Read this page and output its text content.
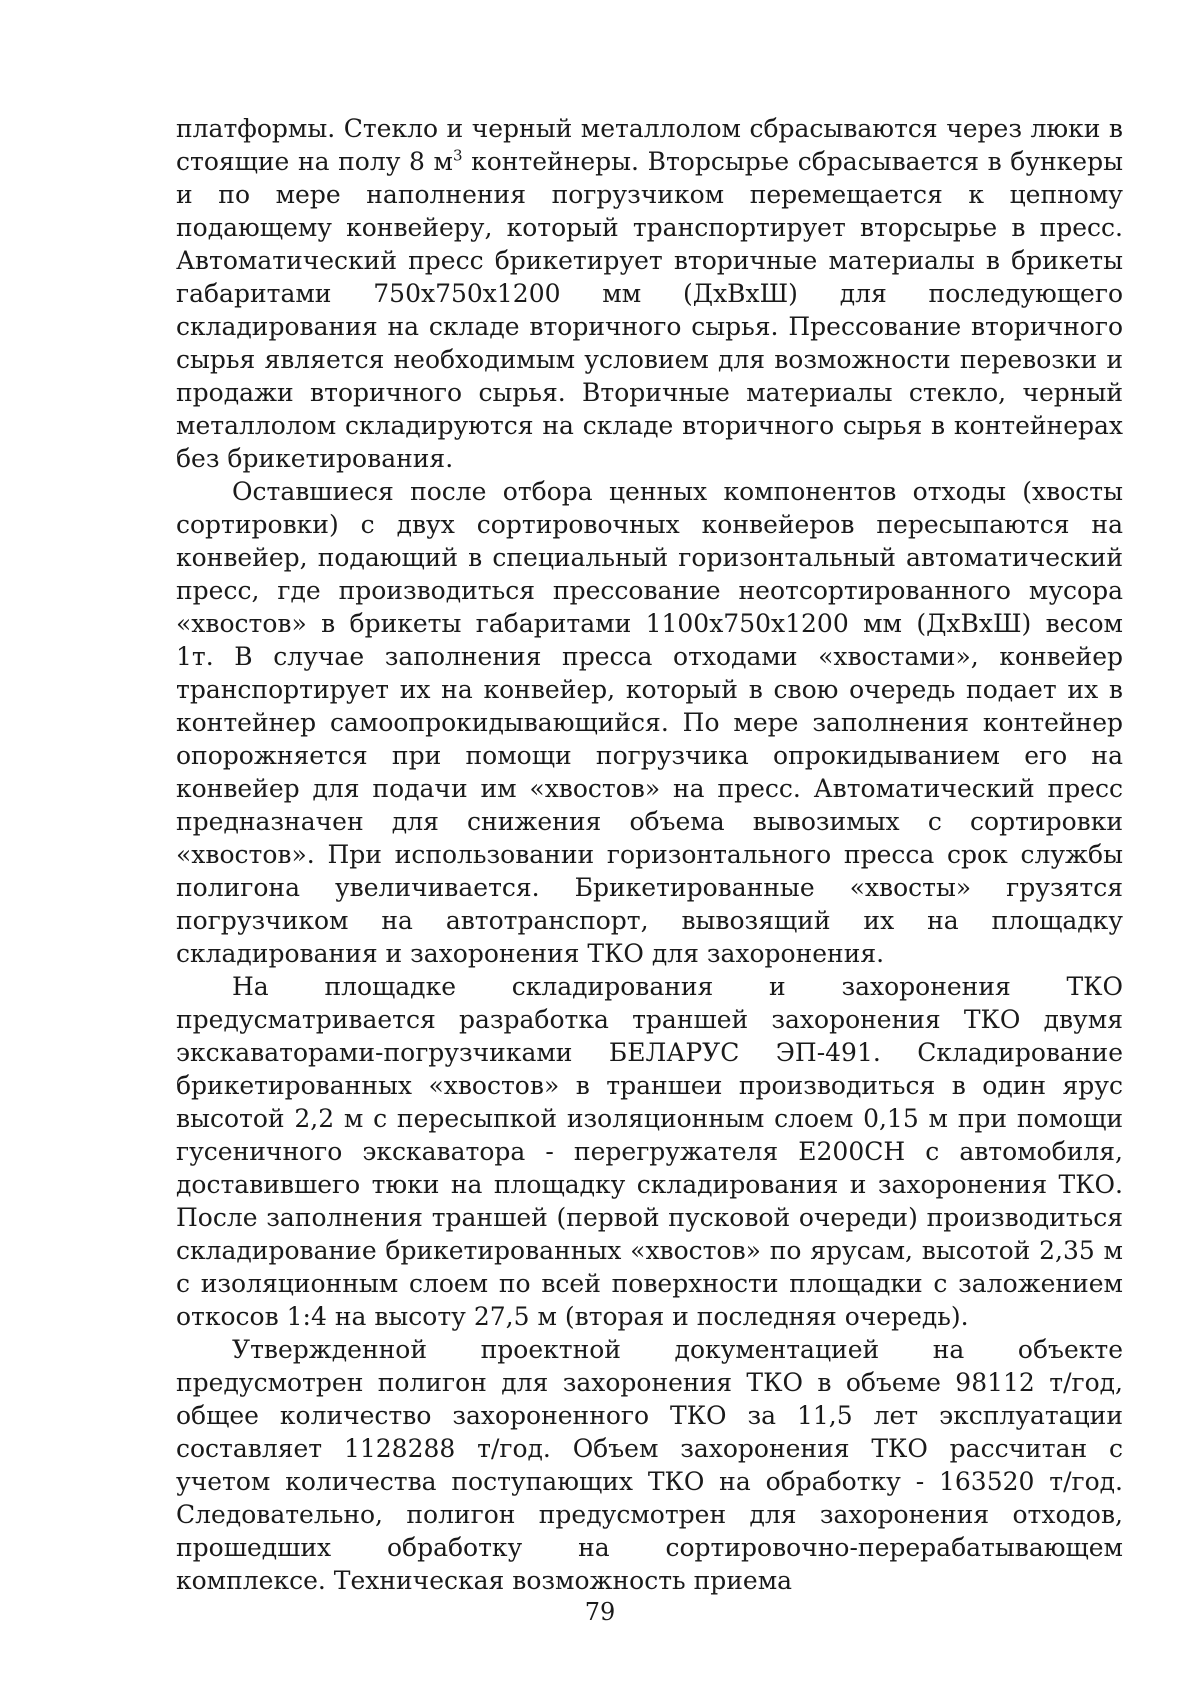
платформы. Стекло и черный металлолом сбрасываются через люки в стоящие на полу 8 $м^3$ контейнеры. Вторсырье сбрасывается в бункеры и по мере наполнения погрузчиком перемещается к цепному подающему конвейеру, который транспортирует вторсырье в пресс. Автоматический пресс брикетирует вторичные материалы в брикеты габаритами 750х750х1200 мм (ДхВхШ) для последующего складирования на складе вторичного сырья. Прессование вторичного сырья является необходимым условием для возможности перевозки и продажи вторичного сырья. Вторичные материалы стекло, черный металлолом складируются на складе вторичного сырья в контейнерах без брикетирования.

Оставшиеся после отбора ценных компонентов отходы (хвосты сортировки) с двух сортировочных конвейеров пересыпаются на конвейер, подающий в специальный горизонтальный автоматический пресс, где производиться прессование неотсортированного мусора «хвостов» в брикеты габаритами 1100х750х1200 мм (ДхВхШ) весом 1т. В случае заполнения пресса отходами «хвостами», конвейер транспортирует их на конвейер, который в свою очередь подает их в контейнер самоопрокидывающийся. По мере заполнения контейнер опорожняется при помощи погрузчика опрокидыванием его на конвейер для подачи им «хвостов» на пресс. Автоматический пресс предназначен для снижения объема вывозимых с сортировки «хвостов». При использовании горизонтального пресса срок службы полигона увеличивается. Брикетированные «хвосты» грузятся погрузчиком на автотранспорт, вывозящий их на площадку складирования и захоронения ТКО для захоронения.

На площадке складирования и захоронения ТКО предусматривается разработка траншей захоронения ТКО двумя экскаваторами-погрузчиками БЕЛАРУС ЭП-491. Складирование брикетированных «хвостов» в траншеи производиться в один ярус высотой 2,2 м с пересыпкой изоляционным слоем 0,15 м при помощи гусеничного экскаватора - перегружателя Е200СН с автомобиля, доставившего тюки на площадку складирования и захоронения ТКО. После заполнения траншей (первой пусковой очереди) производиться складирование брикетированных «хвостов» по ярусам, высотой 2,35 м с изоляционным слоем по всей поверхности площадки с заложением откосов 1:4 на высоту 27,5 м (вторая и последняя очередь).

Утвержденной проектной документацией на объекте предусмотрен полигон для захоронения ТКО в объеме 98112 т/год, общее количество захороненного ТКО за 11,5 лет эксплуатации составляет 1128288 т/год. Объем захоронения ТКО рассчитан с учетом количества поступающих ТКО на обработку - 163520 т/год. Следовательно, полигон предусмотрен для захоронения отходов, прошедших обработку на сортировочно-перерабатывающем комплексе. Техническая возможность приема

79
